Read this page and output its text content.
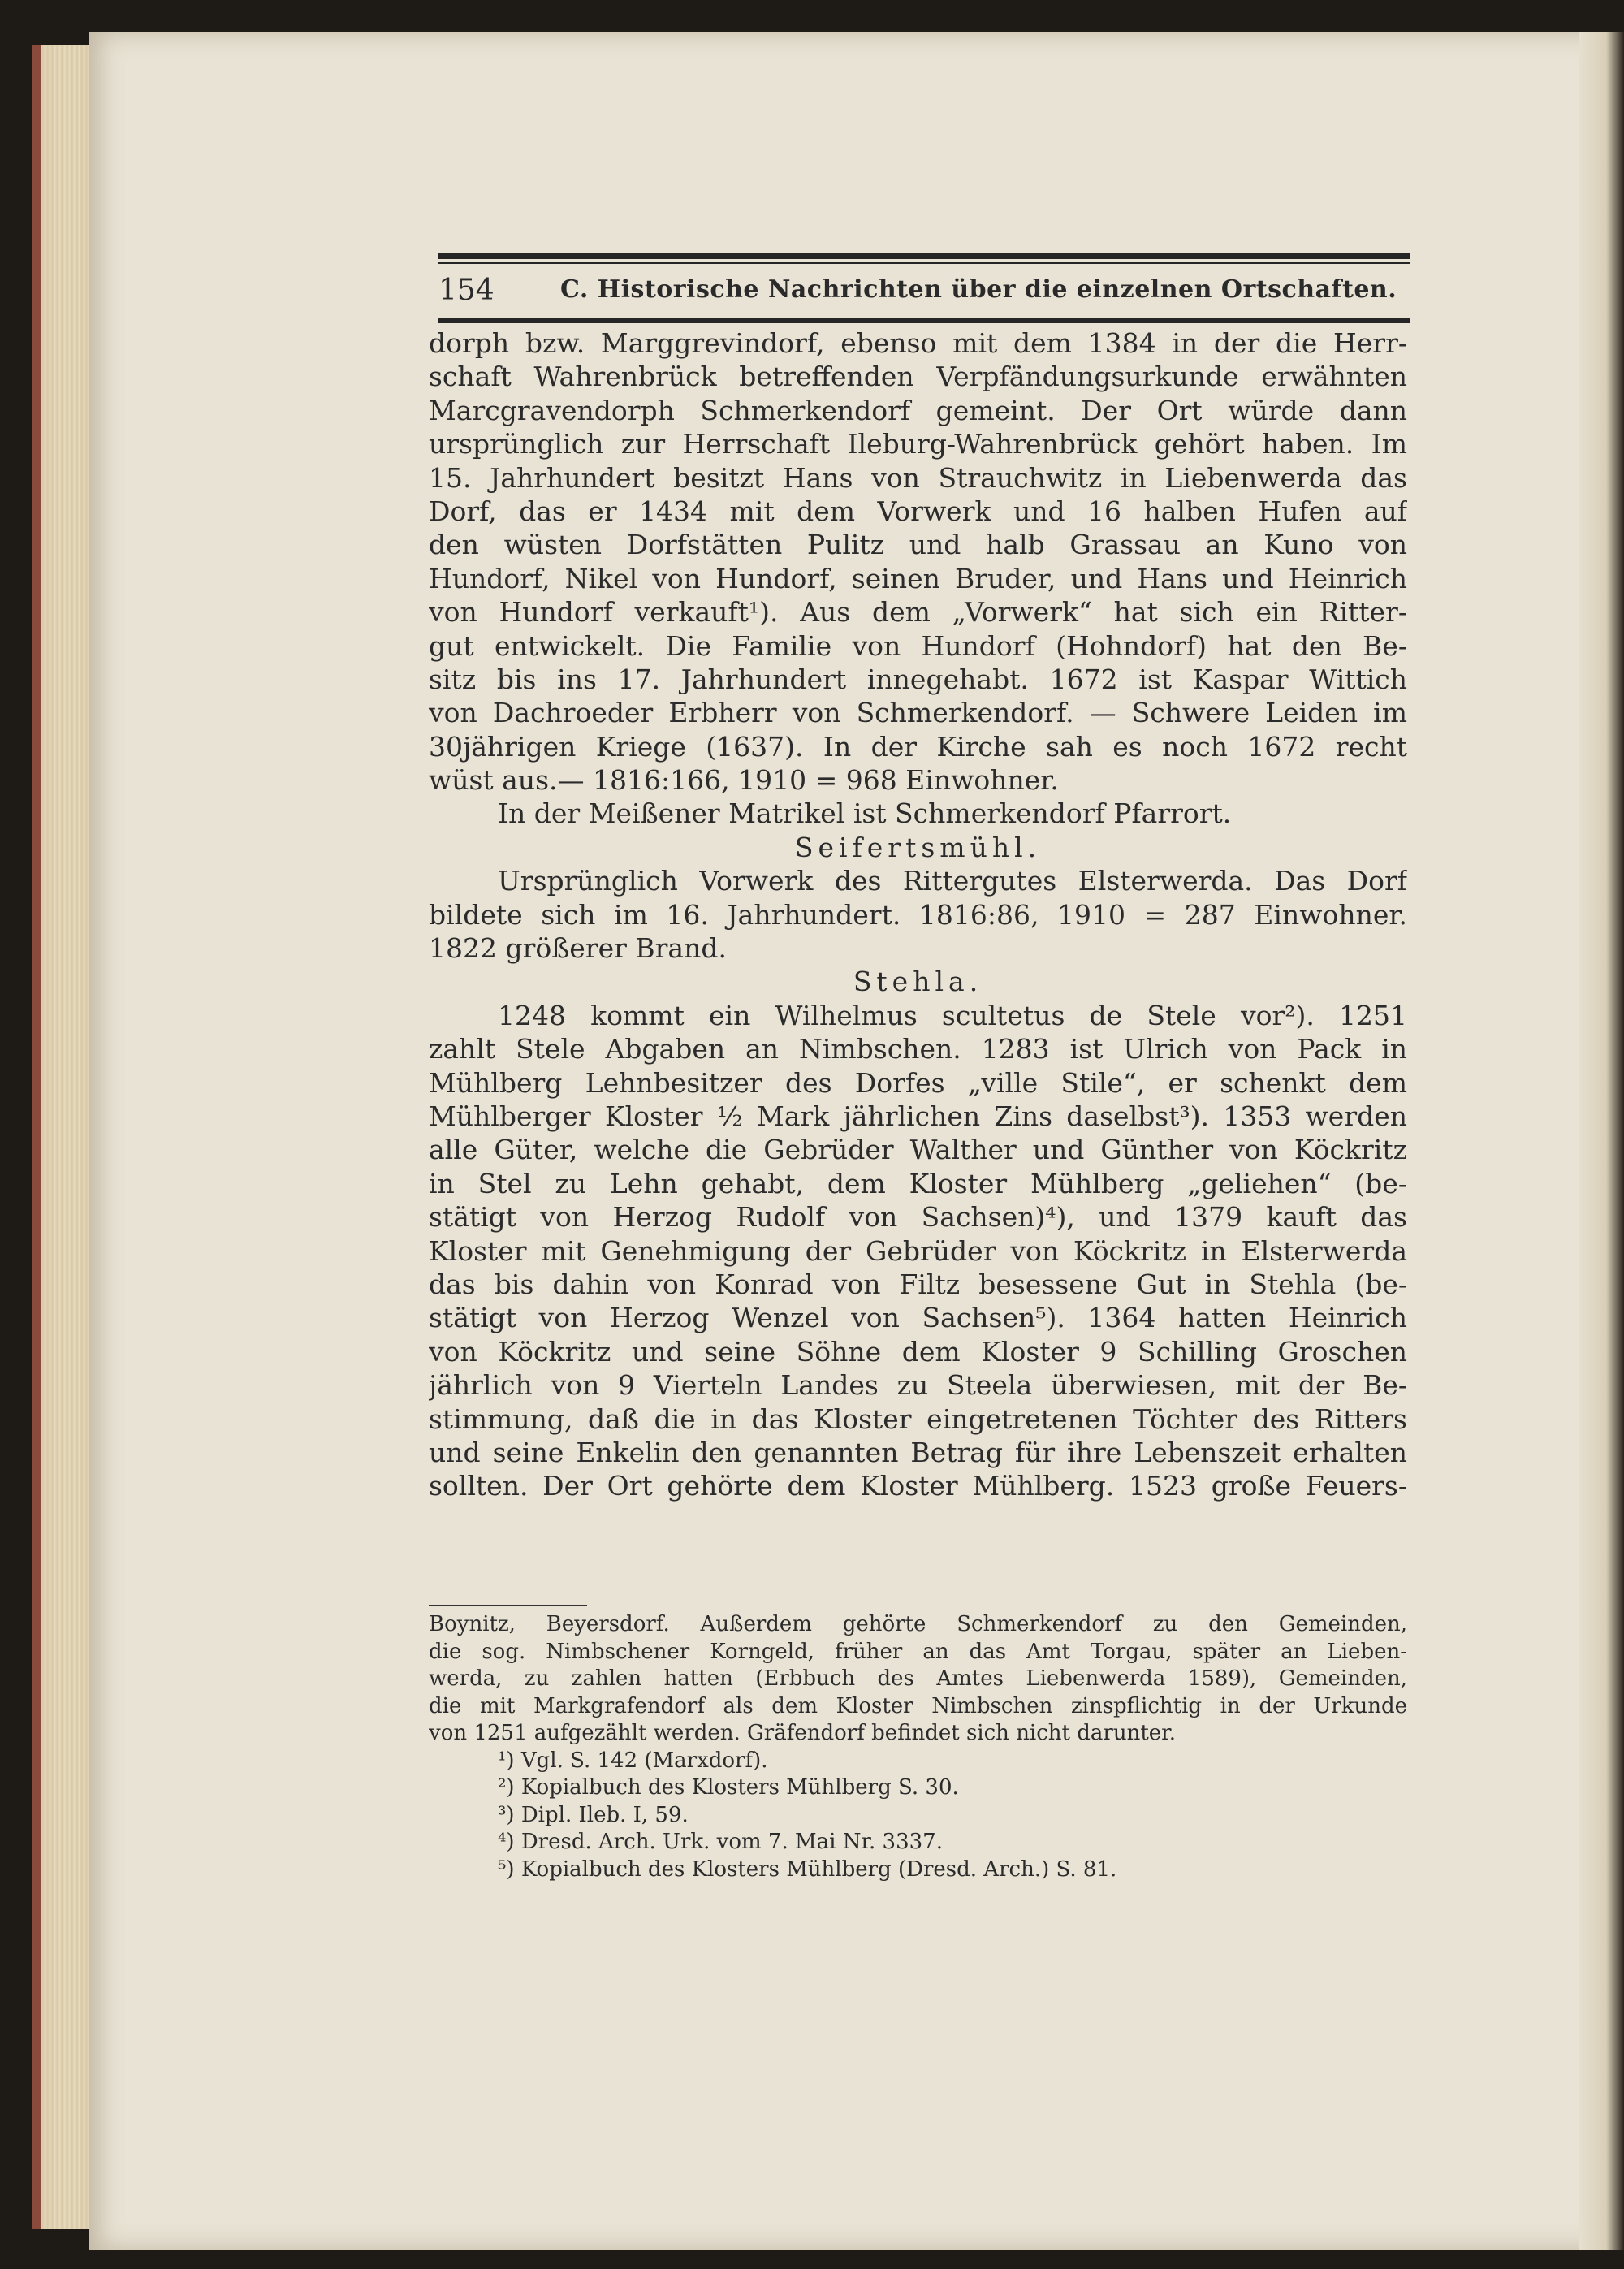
154	C. Historische Nachrichten über die einzelnen Ortschaften.
dorph bzw. Marggrevindorf, ebenso mit dem 1384 in der die Herr-
schaft Wahrenbrück betreffenden Verpfändungsurkunde erwähnten
Marcgravendorph Schmerkendorf gemeint. Der Ort würde dann
ursprünglich zur Herrschaft Ileburg-Wahrenbrück gehört haben. Im
15. Jahrhundert besitzt Hans von Strauchwitz in Liebenwerda das
Dorf, das er 1434 mit dem Vorwerk und 16 halben Hufen auf
den wüsten Dorfstätten Pulitz und halb Grassau an Kuno von
Hundorf, Nikel von Hundorf, seinen Bruder, und Hans und Heinrich
von Hundorf verkauft¹). Aus dem „Vorwerk“ hat sich ein Ritter-
gut entwickelt. Die Familie von Hundorf (Hohndorf) hat den Be-
sitz bis ins 17. Jahrhundert innegehabt. 1672 ist Kaspar Wittich
von Dachroeder Erbherr von Schmerkendorf. — Schwere Leiden im
30jährigen Kriege (1637). In der Kirche sah es noch 1672 recht
wüst aus.— 1816:166, 1910 = 968 Einwohner.
In der Meißener Matrikel ist Schmerkendorf Pfarrort.
Seifertsmühl.
Ursprünglich Vorwerk des Rittergutes Elsterwerda. Das Dorf
bildete sich im 16. Jahrhundert. 1816:86, 1910 = 287 Einwohner.
1822 größerer Brand.
Stehla.
1248 kommt ein Wilhelmus scultetus de Stele vor²). 1251
zahlt Stele Abgaben an Nimbschen. 1283 ist Ulrich von Pack in
Mühlberg Lehnbesitzer des Dorfes „ville Stile“, er schenkt dem
Mühlberger Kloster ½ Mark jährlichen Zins daselbst³). 1353 werden
alle Güter, welche die Gebrüder Walther und Günther von Köckritz
in Stel zu Lehn gehabt, dem Kloster Mühlberg „geliehen“ (be-
stätigt von Herzog Rudolf von Sachsen)⁴), und 1379 kauft das
Kloster mit Genehmigung der Gebrüder von Köckritz in Elsterwerda
das bis dahin von Konrad von Filtz besessene Gut in Stehla (be-
stätigt von Herzog Wenzel von Sachsen⁵). 1364 hatten Heinrich
von Köckritz und seine Söhne dem Kloster 9 Schilling Groschen
jährlich von 9 Vierteln Landes zu Steela überwiesen, mit der Be-
stimmung, daß die in das Kloster eingetretenen Töchter des Ritters
und seine Enkelin den genannten Betrag für ihre Lebenszeit erhalten
sollten. Der Ort gehörte dem Kloster Mühlberg. 1523 große Feuers-
Boynitz, Beyersdorf. Außerdem gehörte Schmerkendorf zu den Gemeinden,
die sog. Nimbschener Korngeld, früher an das Amt Torgau, später an Lieben-
werda, zu zahlen hatten (Erbbuch des Amtes Liebenwerda 1589), Gemeinden,
die mit Markgrafendorf als dem Kloster Nimbschen zinspflichtig in der Urkunde
von 1251 aufgezählt werden. Gräfendorf befindet sich nicht darunter.
¹) Vgl. S. 142 (Marxdorf).
²) Kopialbuch des Klosters Mühlberg S. 30.
³) Dipl. Ileb. I, 59.
⁴) Dresd. Arch. Urk. vom 7. Mai Nr. 3337.
⁵) Kopialbuch des Klosters Mühlberg (Dresd. Arch.) S. 81.
